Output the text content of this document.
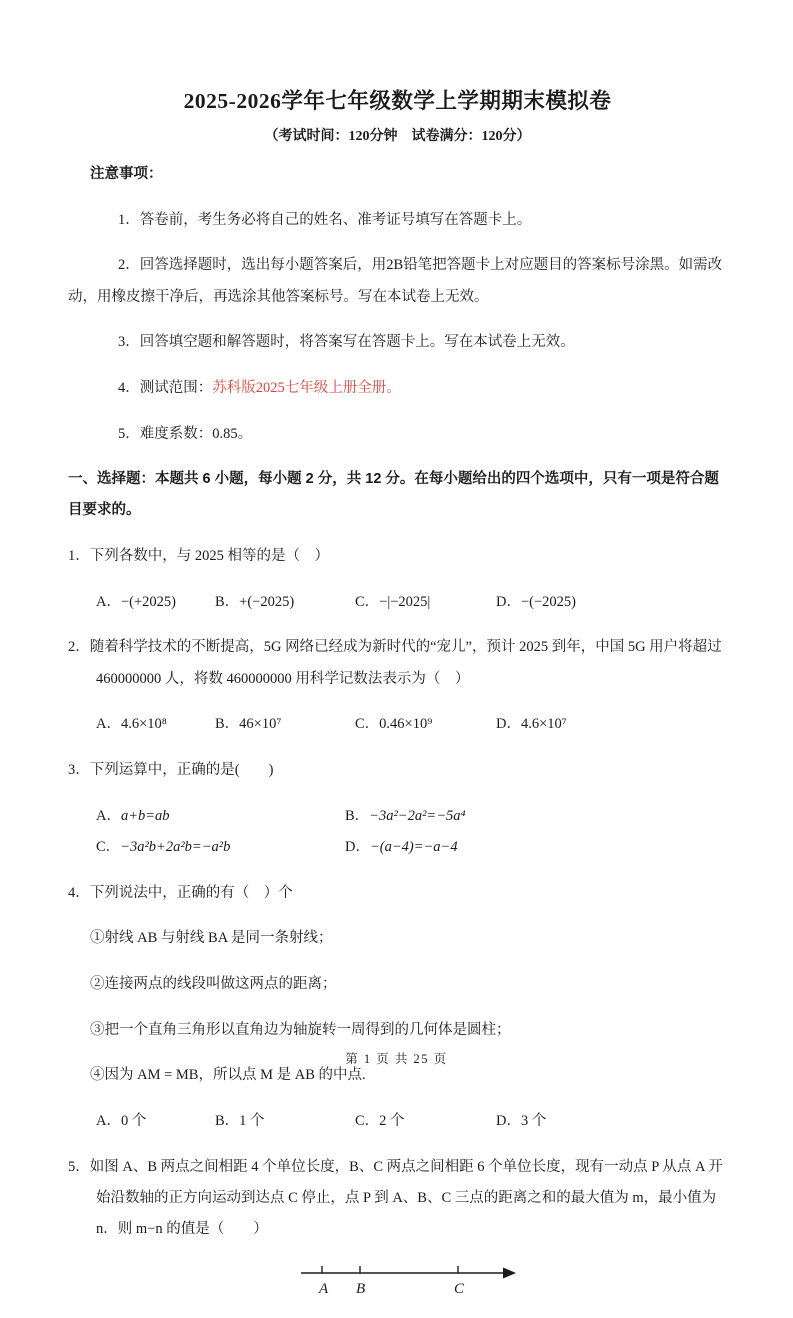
2025-2026学年七年级数学上学期期末模拟卷
（考试时间：120分钟　试卷满分：120分）
注意事项：

1．答卷前，考生务必将自己的姓名、准考证号填写在答题卡上。

2．回答选择题时，选出每小题答案后，用2B铅笔把答题卡上对应题目的答案标号涂黑。如需改动，用橡皮擦干净后，再选涂其他答案标号。写在本试卷上无效。

3．回答填空题和解答题时，将答案写在答题卡上。写在本试卷上无效。

4．测试范围：苏科版2025七年级上册全册。

5．难度系数：0.85。

一、选择题：本题共 6 小题，每小题 2 分，共 12 分。在每小题给出的四个选项中，只有一项是符合题目要求的。

1．下列各数中，与 2025 相等的是（　）

A．−(+2025)	B．+(−2025)	C．−|−2025|	D．−(−2025)

2．随着科学技术的不断提高，5G 网络已经成为新时代的“宠儿”，预计 2025 到年，中国 5G 用户将超过 460000000 人，将数 460000000 用科学记数法表示为（　）

A．4.6×10⁸	B．46×10⁷	C．0.46×10⁹	D．4.6×10⁷

3．下列运算中，正确的是(　　)

A．a+b=ab	B．−3a²−2a²=−5a⁴
C．−3a²b+2a²b=−a²b	D．−(a−4)=−a−4

4．下列说法中，正确的有（　）个

①射线 AB 与射线 BA 是同一条射线；

②连接两点的线段叫做这两点的距离；

③把一个直角三角形以直角边为轴旋转一周得到的几何体是圆柱；

④因为 AM = MB，所以点 M 是 AB 的中点.

A．0 个	B．1 个	C．2 个	D．3 个

5．如图 A、B 两点之间相距 4 个单位长度，B、C 两点之间相距 6 个单位长度，现有一动点 P 从点 A 开始沿数轴的正方向运动到达点 C 停止，点 P 到 A、B、C 三点的距离之和的最大值为 m，最小值为 n．则 m−n 的值是（　　）

A B	C
第 1 页 共 25 页
